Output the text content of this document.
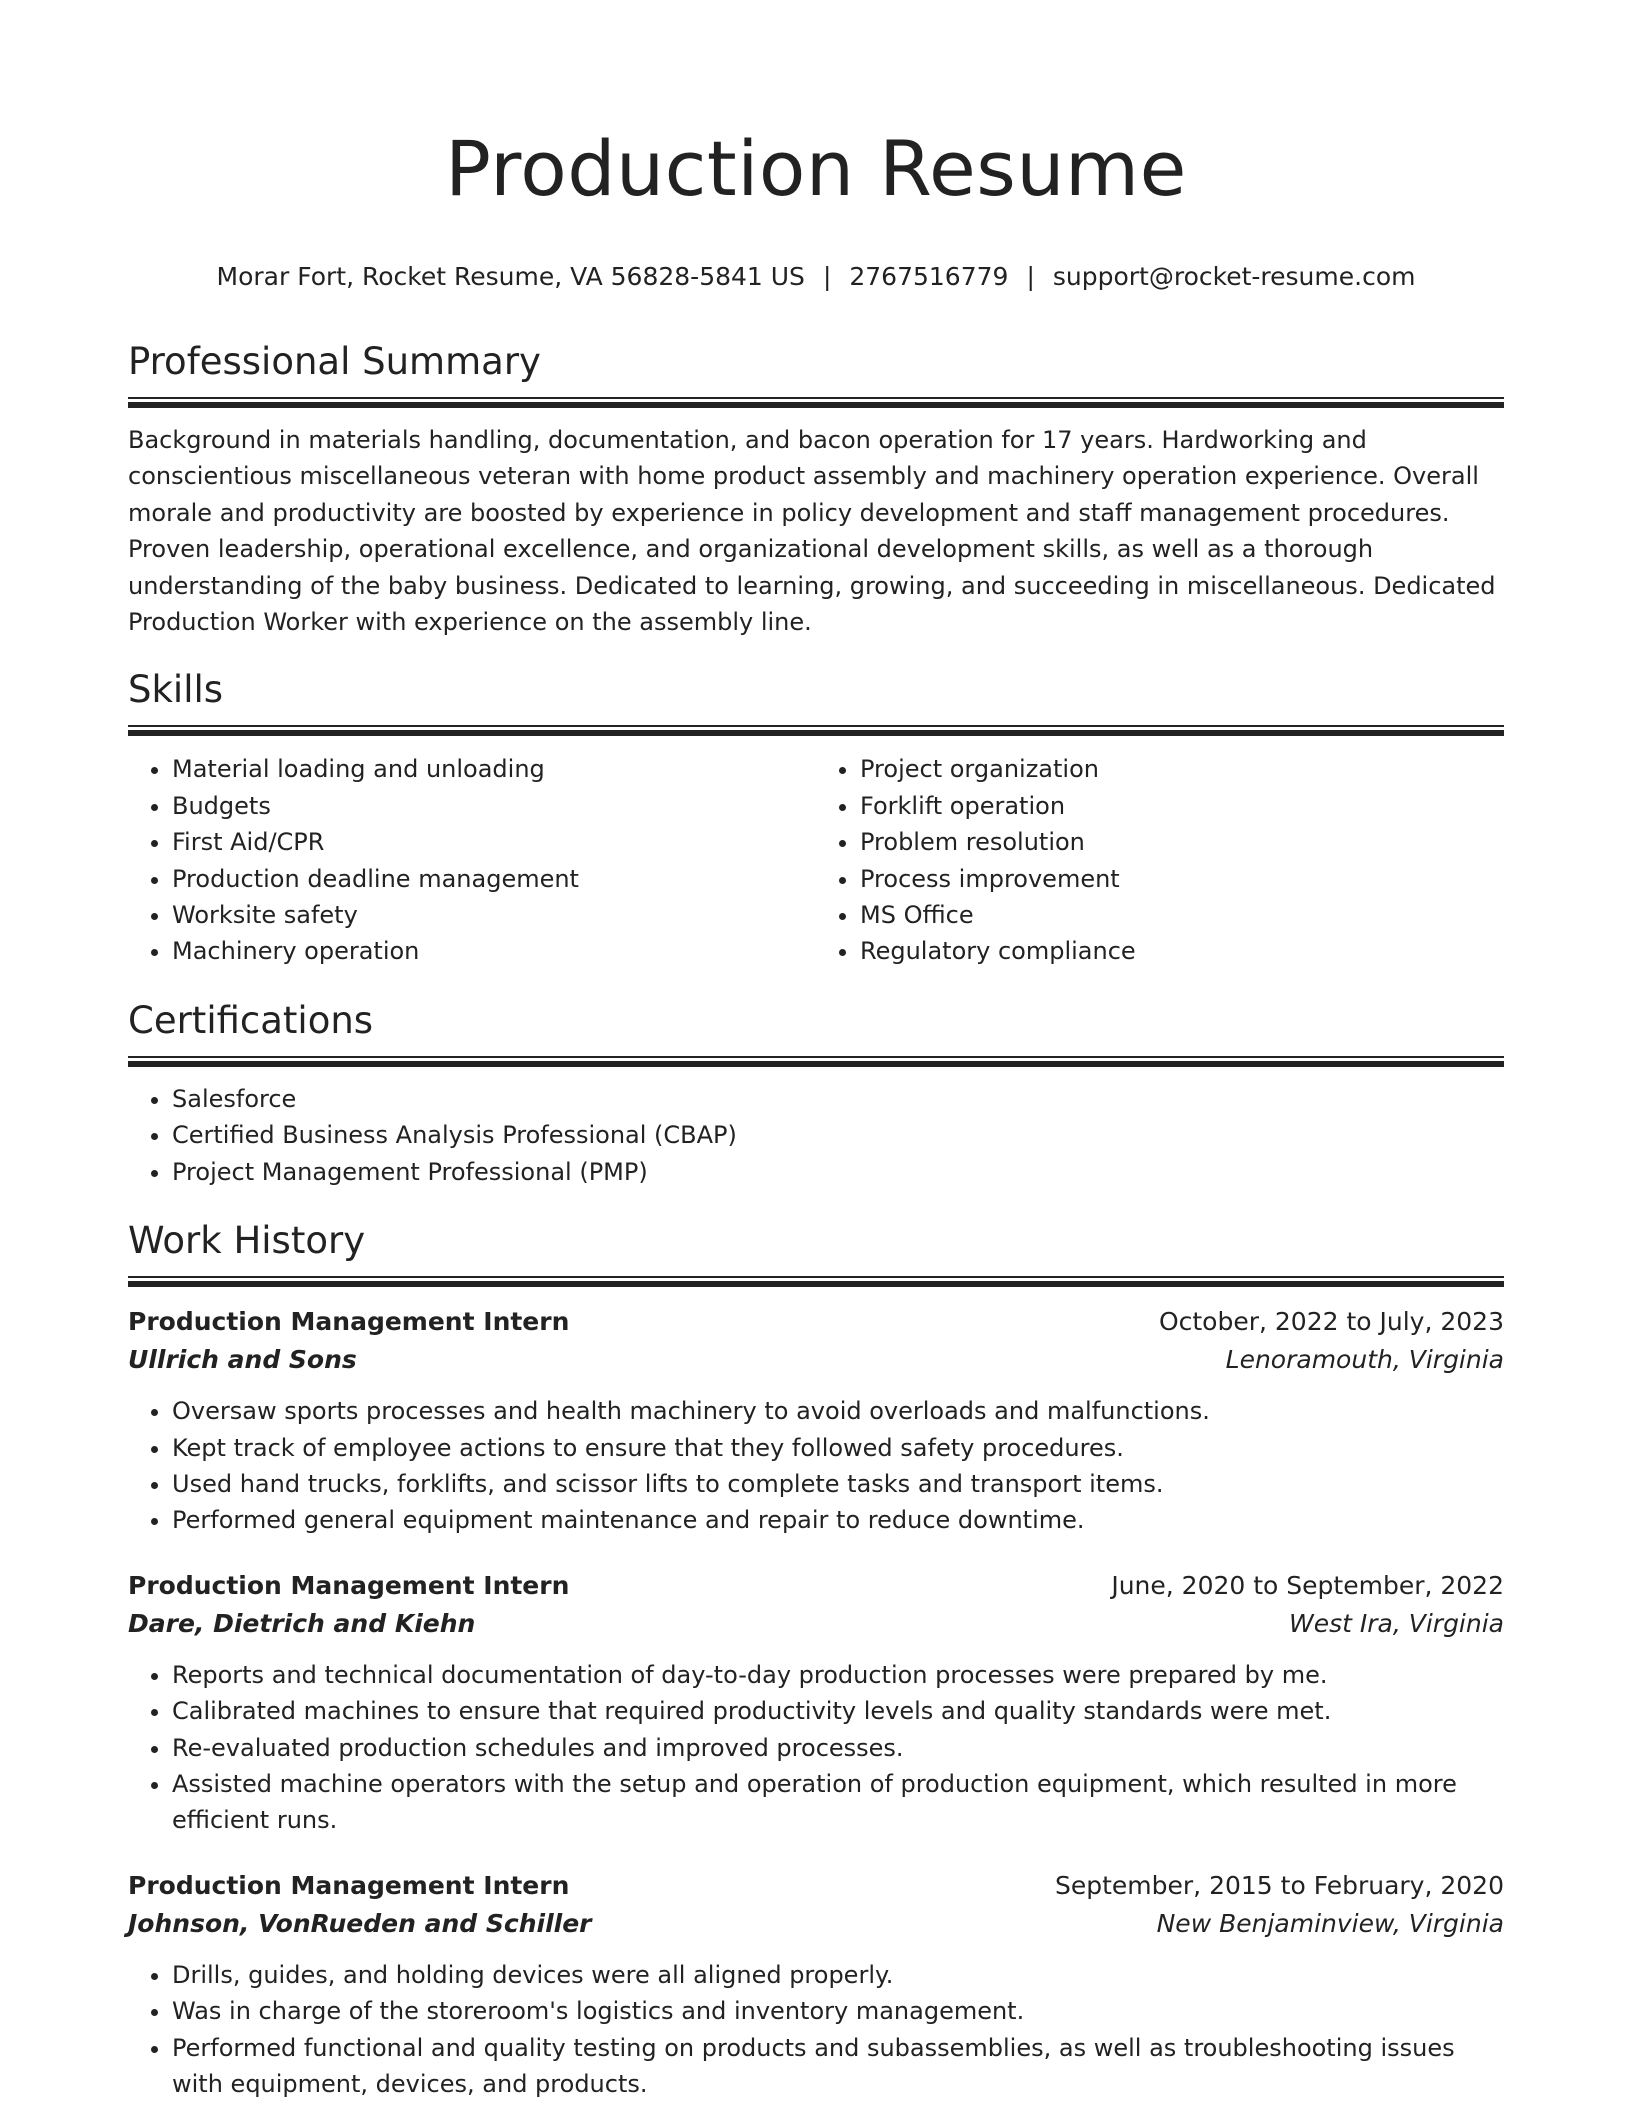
Production Resume
Morar Fort, Rocket Resume, VA 56828-5841 US | 2767516779 | support@rocket-resume.com
Professional Summary

Background in materials handling, documentation, and bacon operation for 17 years. Hardworking and conscientious miscellaneous veteran with home product assembly and machinery operation experience. Overall morale and productivity are boosted by experience in policy development and staff management procedures. Proven leadership, operational excellence, and organizational development skills, as well as a thorough understanding of the baby business. Dedicated to learning, growing, and succeeding in miscellaneous. Dedicated Production Worker with experience on the assembly line.

Skills
• Material loading and unloading
• Budgets
• First Aid/CPR
• Production deadline management
• Worksite safety
• Machinery operation
• Project organization
• Forklift operation
• Problem resolution
• Process improvement
• MS Office
• Regulatory compliance
Certifications
• Salesforce
• Certified Business Analysis Professional (CBAP)
• Project Management Professional (PMP)
Work History
Production Management Intern	October, 2022 to July, 2023
Ullrich and Sons	Lenoramouth, Virginia
• Oversaw sports processes and health machinery to avoid overloads and malfunctions.
• Kept track of employee actions to ensure that they followed safety procedures.
• Used hand trucks, forklifts, and scissor lifts to complete tasks and transport items.
• Performed general equipment maintenance and repair to reduce downtime.
Production Management Intern	June, 2020 to September, 2022
Dare, Dietrich and Kiehn	West Ira, Virginia
• Reports and technical documentation of day-to-day production processes were prepared by me.
• Calibrated machines to ensure that required productivity levels and quality standards were met.
• Re-evaluated production schedules and improved processes.
• Assisted machine operators with the setup and operation of production equipment, which resulted in more efficient runs.
Production Management Intern	September, 2015 to February, 2020
Johnson, VonRueden and Schiller	New Benjaminview, Virginia
• Drills, guides, and holding devices were all aligned properly.
• Was in charge of the storeroom's logistics and inventory management.
• Performed functional and quality testing on products and subassemblies, as well as troubleshooting issues with equipment, devices, and products.
